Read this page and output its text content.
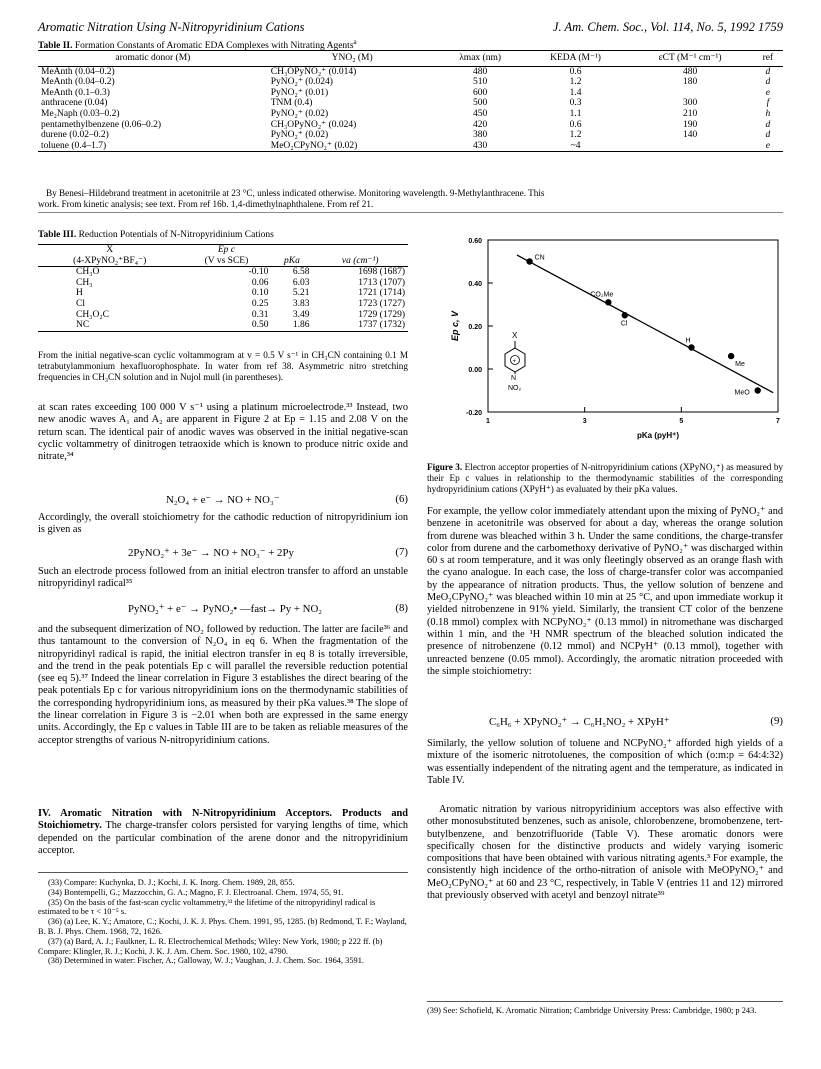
Aromatic Nitration Using N-Nitropyridinium Cations	J. Am. Chem. Soc., Vol. 114, No. 5, 1992 1759
Table II. Formation Constants of Aromatic EDA Complexes with Nitrating Agents$^a$
aromatic donor (M)	YNO₂ (M)	λmax (nm)	KEDA (M⁻¹)	εCT (M⁻¹ cm⁻¹)	ref
MeAnth (0.04–0.2)	CH₃OPyNO₂⁺ (0.014)	480	0.6	480	d
MeAnth (0.04–0.2)	PyNO₂⁺ (0.024)	510	1.2	180	d
MeAnth (0.1–0.3)	PyNO₂⁺ (0.01)	600	1.4		e
anthracene (0.04)	TNM (0.4)	500	0.3	300	f
Me₂Naph (0.03–0.2)	PyNO₂⁺ (0.02)	450	1.1	210	h
pentamethylbenzene (0.06–0.2)	CH₃OPyNO₂⁺ (0.024)	420	0.6	190	d
durene (0.02–0.2)	PyNO₂⁺ (0.02)	380	1.2	140	d
toluene (0.4–1.7)	MeO₂CPyNO₂⁺ (0.02)	430	~4		e
By Benesi–Hildebrand treatment in acetonitrile at 23 °C, unless indicated otherwise. Monitoring wavelength. 9-Methylanthracene. This
work. From kinetic analysis; see text. From ref 16b. 1,4-dimethylnaphthalene. From ref 21.
Table III. Reduction Potentials of N-Nitropyridinium Cations
X	Ep c		
(4-XPyNO₂⁺BF₄⁻)	(V vs SCE)	pKa	νa (cm⁻¹)
CH₃O	-0.10	6.58	1698 (1687)
CH₃	0.06	6.03	1713 (1707)
H	0.10	5.21	1721 (1714)
Cl	0.25	3.83	1723 (1727)
CH₃O₂C	0.31	3.49	1729 (1729)
NC	0.50	1.86	1737 (1732)
From the initial negative-scan cyclic voltammogram at v = 0.5 V s⁻¹ in CH₃CN containing 0.1 M tetrabutylammonium hexafluorophosphate. In water from ref 38. Asymmetric nitro stretching frequencies in CH₃CN solution and in Nujol mull (in parentheses).
at scan rates exceeding 100 000 V s⁻¹ using a platinum microelectrode.³³ Instead, two new anodic waves A₁ and A₂ are apparent in Figure 2 at Ep = 1.15 and 2.08 V on the return scan. The identical pair of anodic waves was observed in the initial negative-scan cyclic voltammetry of dinitrogen tetraoxide which is known to produce nitric oxide and nitrate,³⁴
N₂O₄ + e⁻ → NO + NO₃⁻	(6)
Accordingly, the overall stoichiometry for the cathodic reduction of nitropyridinium ion is given as
2PyNO₂⁺ + 3e⁻ → NO + NO₃⁻ + 2Py	(7)
Such an electrode process followed from an initial electron transfer to afford an unstable nitropyridinyl radical³⁵
PyNO₂⁺ + e⁻ → PyNO₂• —fast→ Py + NO₂	(8)
and the subsequent dimerization of NO₂ followed by reduction. The latter are facile³⁶ and thus tantamount to the conversion of N₂O₄ in eq 6. When the fragmentation of the nitropyridinyl radical is rapid, the initial electron transfer in eq 8 is totally irreversible, and the trend in the peak potentials Ep c will parallel the reversible reduction potential (see eq 5).³⁷ Indeed the linear correlation in Figure 3 establishes the direct bearing of the peak potentials Ep c for various nitropyridinium ions on the thermodynamic stabilities of the corresponding hydropyridinium ions, as measured by their pKa values.³⁸ The slope of the linear correlation in Figure 3 is −2.01 when both are expressed in the same energy units. Accordingly, the Ep c values in Table III are to be taken as reliable measures of the acceptor strengths of various N-nitropyridinium cations.
IV. Aromatic Nitration with N-Nitropyridinium Acceptors. Products and Stoichiometry. The charge-transfer colors persisted for varying lengths of time, which depended on the particular combination of the arene donor and the nitropyridinium acceptor.
(33) Compare: Kuchynka, D. J.; Kochi, J. K. Inorg. Chem. 1989, 28, 855.
(34) Bontempelli, G.; Mazzocchin, G. A.; Magno, F. J. Electroanal. Chem. 1974, 55, 91.
(35) On the basis of the fast-scan cyclic voltammetry,³³ the lifetime of the nitropyridinyl radical is estimated to be τ < 10⁻⁵ s.
(36) (a) Lee, K. Y.; Amatore, C.; Kochi, J. K. J. Phys. Chem. 1991, 95, 1285. (b) Redmond, T. F.; Wayland, B. B. J. Phys. Chem. 1968, 72, 1626.
(37) (a) Bard, A. J.; Faulkner, L. R. Electrochemical Methods; Wiley: New York, 1980; p 222 ff. (b) Compare: Klingler, R. J.; Kochi, J. K. J. Am. Chem. Soc. 1980, 102, 4790.
(38) Determined in water: Fischer, A.; Galloway, W. J.; Vaughan, J. J. Chem. Soc. 1964, 3591.
0.60
0.40
0.20
0.00
-0.20
1	3	5	7
CN
CO₂Me
Cl
H
Me
MeO
Ep c, V
pKa (pyH⁺)
X
+
N
NO₂
Figure 3. Electron acceptor properties of N-nitropyridinium cations (XPyNO₂⁺) as measured by their Ep c values in relationship to the thermodynamic stabilities of the corresponding hydropyridinium cations (XPyH⁺) as evaluated by their pKa values.
For example, the yellow color immediately attendant upon the mixing of PyNO₂⁺ and benzene in acetonitrile was observed for about a day, whereas the orange solution from durene was bleached within 3 h. Under the same conditions, the charge-transfer color from durene and the carbomethoxy derivative of PyNO₂⁺ was discharged within 60 s at room temperature, and it was only fleetingly observed as an orange flash with the cyano analogue. In each case, the loss of charge-transfer color was accompanied by the appearance of nitration products. Thus, the yellow solution of benzene and MeO₂CPyNO₂⁺ was bleached within 10 min at 25 °C, and upon immediate workup it yielded nitrobenzene in 91% yield. Similarly, the transient CT color of the benzene (0.18 mmol) complex with NCPyNO₂⁺ (0.13 mmol) in nitromethane was discharged within 1 min, and the ¹H NMR spectrum of the bleached solution indicated the presence of nitrobenzene (0.12 mmol) and NCPyH⁺ (0.13 mmol), together with unreacted benzene (0.05 mmol). Accordingly, the aromatic nitration proceeded with the simple stoichiometry:
C₆H₆ + XPyNO₂⁺ → C₆H₅NO₂ + XPyH⁺	(9)
Similarly, the yellow solution of toluene and NCPyNO₂⁺ afforded high yields of a mixture of the isomeric nitrotoluenes, the composition of which (o:m:p = 64:4:32) was essentially independent of the nitrating agent and the temperature, as indicated in Table IV.
Aromatic nitration by various nitropyridinium acceptors was also effective with other monosubstituted benzenes, such as anisole, chlorobenzene, bromobenzene, tert-butylbenzene, and benzotrifluoride (Table V). These aromatic donors were specifically chosen for the distinctive products and widely varying isomeric compositions that have been obtained with various nitrating agents.³ For example, the consistently high incidence of the ortho-nitration of anisole with MeOPyNO₂⁺ and MeO₂CPyNO₂⁺ at 60 and 23 °C, respectively, in Table V (entries 11 and 12) mirrored that previously observed with acetyl and benzoyl nitrate³⁹
(39) See: Schofield, K. Aromatic Nitration; Cambridge University Press: Cambridge, 1980; p 243.
